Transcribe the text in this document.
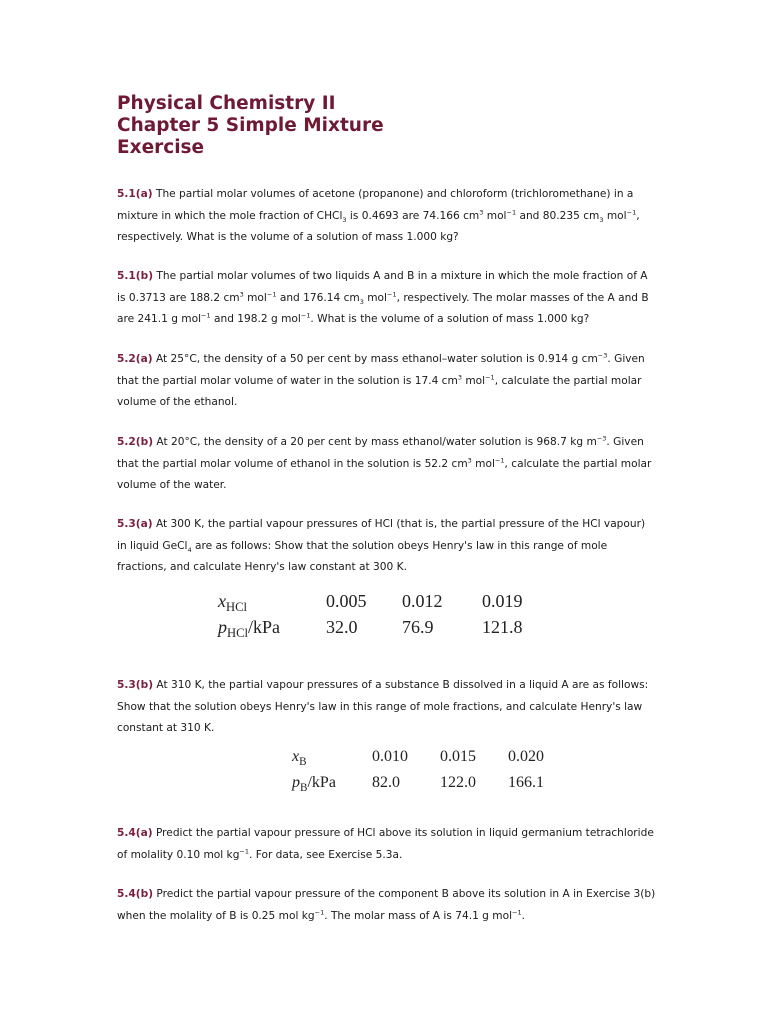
Physical Chemistry II

Chapter 5 Simple Mixture

Exercise

5.1(a) The partial molar volumes of acetone (propanone) and chloroform (trichloromethane) in a mixture in which the mole fraction of CHCl$_3$ is 0.4693 are 74.166 $cm^3$ mol$^{-1}$ and 80.235 $cm_3$ mol$^{-1}$, respectively. What is the volume of a solution of mass 1.000 kg?

5.1(b) The partial molar volumes of two liquids A and B in a mixture in which the mole fraction of A is 0.3713 are 188.2 $cm^3$ mol$^{-1}$ and 176.14 $cm_3$ mol$^{-1}$, respectively. The molar masses of the A and B are 241.1 g mol$^{-1}$ and 198.2 g mol$^{-1}$. What is the volume of a solution of mass 1.000 kg?

5.2(a) At 25°C, the density of a 50 per cent by mass ethanol–water solution is 0.914 g $cm^{-3}$. Given that the partial molar volume of water in the solution is 17.4 $cm^3$ mol$^{-1}$, calculate the partial molar volume of the ethanol.

5.2(b) At 20°C, the density of a 20 per cent by mass ethanol/water solution is 968.7 kg $m^{-3}$. Given that the partial molar volume of ethanol in the solution is 52.2 $cm^3$ mol$^{-1}$, calculate the partial molar volume of the water.

5.3(a) At 300 K, the partial vapour pressures of HCl (that is, the partial pressure of the HCl vapour) in liquid GeCl$_4$ are as follows: Show that the solution obeys Henry's law in this range of mole fractions, and calculate Henry's law constant at 300 K.

$x_{HCl}$	0.005 0.012 0.019
$p_{HCl}$/kPa	32.0 76.9	121.8

5.3(b) At 310 K, the partial vapour pressures of a substance B dissolved in a liquid A are as follows: Show that the solution obeys Henry's law in this range of mole fractions, and calculate Henry's law constant at 310 K.

$x_B$	0.010 0.015 0.020
$p_B$/kPa 82.0	122.0 166.1

5.4(a) Predict the partial vapour pressure of HCl above its solution in liquid germanium tetrachloride of molality 0.10 mol $kg^{-1}$. For data, see Exercise 5.3a.

5.4(b) Predict the partial vapour pressure of the component B above its solution in A in Exercise 3(b) when the molality of B is 0.25 mol $kg^{-1}$. The molar mass of A is 74.1 g mol$^{-1}$.
